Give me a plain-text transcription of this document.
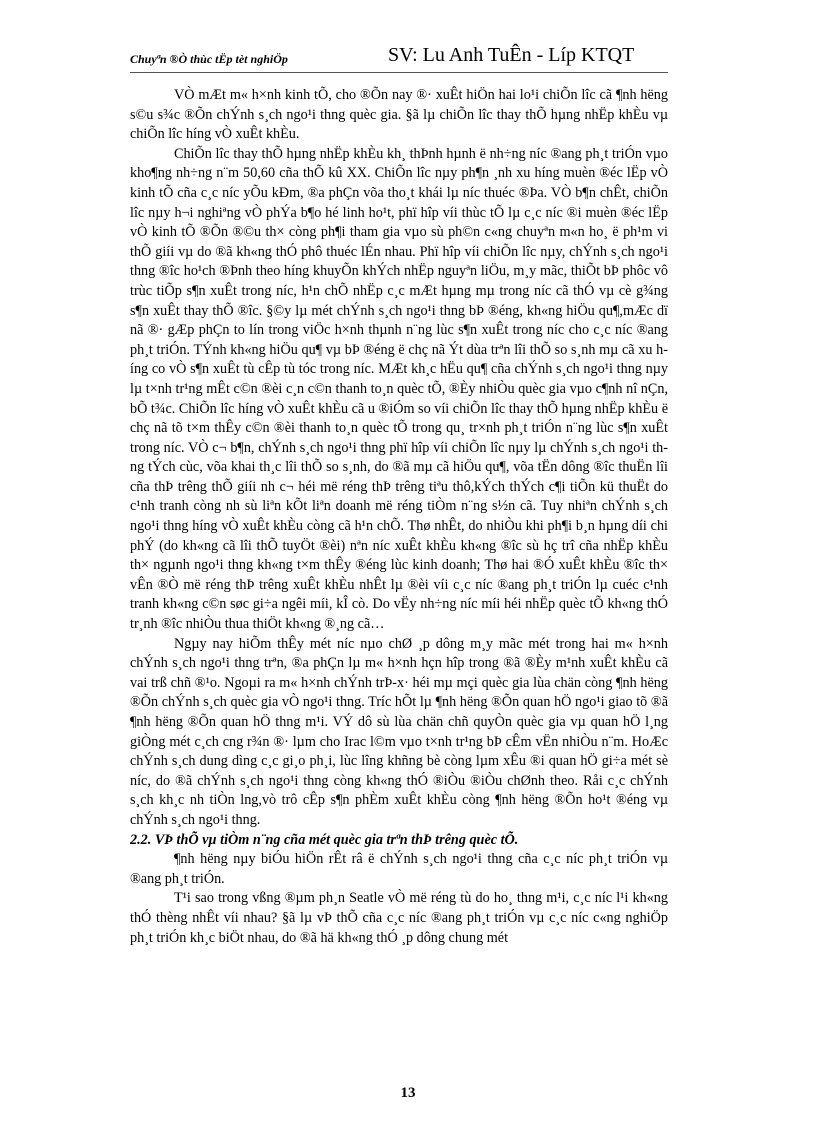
Chuyªn ®Ò thùc tËp tèt nghiÖp	SV: Lu Anh TuÊn - Líp KTQT

VÒ mÆt m« h×nh kinh tÕ, cho ®Õn nay ®· xuÊt hiÖn hai lo¹i chiÕn lîc cã ¶nh hëng s©u s¾c ®Õn chÝnh s¸ch ngo¹i thng quèc gia. §ã lµ chiÕn lîc thay thÕ hµng nhËp khÈu vµ chiÕn lîc híng vÒ xuÊt khÈu.

ChiÕn lîc thay thÕ hµng nhËp khÈu kh¸ thÞnh hµnh ë nh÷ng níc ®ang ph¸t triÓn vµo kho¶ng nh÷ng n¨m 50,60 cña thÕ kû XX. ChiÕn lîc nµy ph¶n ¸nh xu híng muèn ®éc lËp vÒ kinh tÕ cña c¸c níc yÕu kÐm, ®a phÇn võa tho¸t khái lµ níc thuéc ®Þa. VÒ b¶n chÊt, chiÕn lîc nµy h¬i nghiªng vÒ phÝa b¶o hé linh ho¹t, phï hîp víi thùc tÕ lµ c¸c níc ®i muèn ®éc lËp vÒ kinh tÕ ®Õn ®©u th× còng ph¶i tham gia vµo sù ph©n c«ng chuyªn m«n ho¸ ë ph¹m vi thÕ giíi vµ do ®ã kh«ng thÓ phô thuéc lÉn nhau. Phï hîp víi chiÕn lîc nµy, chÝnh s¸ch ngo¹i thng ®îc ho¹ch ®Þnh theo híng khuyÕn khÝch nhËp nguyªn liÖu, m¸y mãc, thiÕt bÞ phôc vô trùc tiÕp s¶n xuÊt trong níc, h¹n chÕ nhËp c¸c mÆt hµng mµ trong níc cã thÓ vµ cè g¾ng s¶n xuÊt thay thÕ ®îc. §©y lµ mét chÝnh s¸ch ngo¹i thng bÞ ®éng, kh«ng hiÖu qu¶,mÆc dï nã ®· gÆp phÇn to lín trong viÖc h×nh thµnh n¨ng lùc s¶n xuÊt trong níc cho c¸c níc ®ang ph¸t triÓn. TÝnh kh«ng hiÖu qu¶ vµ bÞ ®éng ë chç nã Ýt dùa trªn lîi thÕ so s¸nh mµ cã xu híng co vÒ s¶n xuÊt tù cÊp tù tóc trong níc. MÆt kh¸c hËu qu¶ cña chÝnh s¸ch ngo¹i thng nµy lµ t×nh tr¹ng mÊt c©n ®èi c¸n c©n thanh to¸n quèc tÕ, ®Èy nhiÒu quèc gia vµo c¶nh nî nÇn, bÕ t¾c. ChiÕn lîc híng vÒ xuÊt khÈu cã u ®iÓm so víi chiÕn lîc thay thÕ hµng nhËp khÈu ë chç nã tõ t×m thÊy c©n ®èi thanh to¸n quèc tÕ trong qu¸ tr×nh ph¸t triÓn n¨ng lùc s¶n xuÊt trong níc. VÒ c¬ b¶n, chÝnh s¸ch ngo¹i thng phï hîp víi chiÕn lîc nµy lµ chÝnh s¸ch ngo¹i thng tÝch cùc, võa khai th¸c lîi thÕ so s¸nh, do ®ã mµ cã hiÖu qu¶, võa tËn dông ®îc thuËn lîi cña thÞ trêng thÕ giíi nh c¬ héi më réng thÞ trêng tiªu thô,kÝch thÝch c¶i tiÕn kü thuËt do c¹nh tranh còng nh sù liªn kÕt liªn doanh më réng tiÒm n¨ng s½n cã. Tuy nhiªn chÝnh s¸ch ngo¹i thng híng vÒ xuÊt khÈu còng cã h¹n chÕ. Thø nhÊt, do nhiÒu khi ph¶i b¸n hµng díi chi phÝ (do kh«ng cã lîi thÕ tuyÖt ®èi) nªn níc xuÊt khÈu kh«ng ®îc sù hç trî cña nhËp khÈu th× ngµnh ngo¹i thng kh«ng t×m thÊy ®éng lùc kinh doanh; Thø hai ®Ó xuÊt khÈu ®îc th× vÊn ®Ò më réng thÞ trêng xuÊt khÈu nhÊt lµ ®èi víi c¸c níc ®ang ph¸t triÓn lµ cuéc c¹nh tranh kh«ng c©n søc gi÷a ngêi míi, kÎ cò. Do vËy nh÷ng níc míi héi nhËp quèc tÕ kh«ng thÓ tr¸nh ®îc nhiÒu thua thiÖt kh«ng ®¸ng cã…

Ngµy nay hiÕm thÊy mét níc nµo chØ ¸p dông m¸y mãc mét trong hai m« h×nh chÝnh s¸ch ngo¹i thng trªn, ®a phÇn lµ m« h×nh hçn hîp trong ®ã ®Èy m¹nh xuÊt khÈu cã vai trß chñ ®¹o. Ngoµi ra m« h×nh chÝnh trÞ-x· héi mµ mçi quèc gia lùa chän còng ¶nh hëng ®Õn chÝnh s¸ch quèc gia vÒ ngo¹i thng. Tríc hÕt lµ ¶nh hëng ®Õn quan hÖ ngo¹i giao tõ ®ã ¶nh hëng ®Õn quan hÖ thng m¹i. VÝ dô sù lùa chän chñ quyÒn quèc gia vµ quan hÖ l¸ng giÒng mét c¸ch cng r¾n ®· lµm cho Irac l©m vµo t×nh tr¹ng bÞ cÊm vËn nhiÒu n¨m. HoÆc chÝnh s¸ch dung dìng c¸c gi¸o ph¸i, lùc lîng khñng bè còng lµm xÊu ®i quan hÖ gi÷a mét sè níc, do ®ã chÝnh s¸ch ngo¹i thng còng kh«ng thÓ ®iÒu ®iÒu chØnh theo. Råi c¸c chÝnh s¸ch kh¸c nh tiÒn lng,vò trô cÊp s¶n phÈm xuÊt khÈu còng ¶nh hëng ®Õn ho¹t ®éng vµ chÝnh s¸ch ngo¹i thng.

2.2. VÞ thÕ vµ tiÒm n¨ng cña mét quèc gia trªn thÞ trêng quèc tÕ.

¶nh hëng nµy biÓu hiÖn rÊt râ ë chÝnh s¸ch ngo¹i thng cña c¸c níc ph¸t triÓn vµ ®ang ph¸t triÓn.

T¹i sao trong vßng ®µm ph¸n Seatle vÒ më réng tù do ho¸ thng m¹i, c¸c níc l¹i kh«ng thÓ thèng nhÊt víi nhau? §ã lµ vÞ thÕ cña c¸c níc ®ang ph¸t triÓn vµ c¸c níc c«ng nghiÖp ph¸t triÓn kh¸c biÖt nhau, do ®ã hä kh«ng thÓ ¸p dông chung mét

13
